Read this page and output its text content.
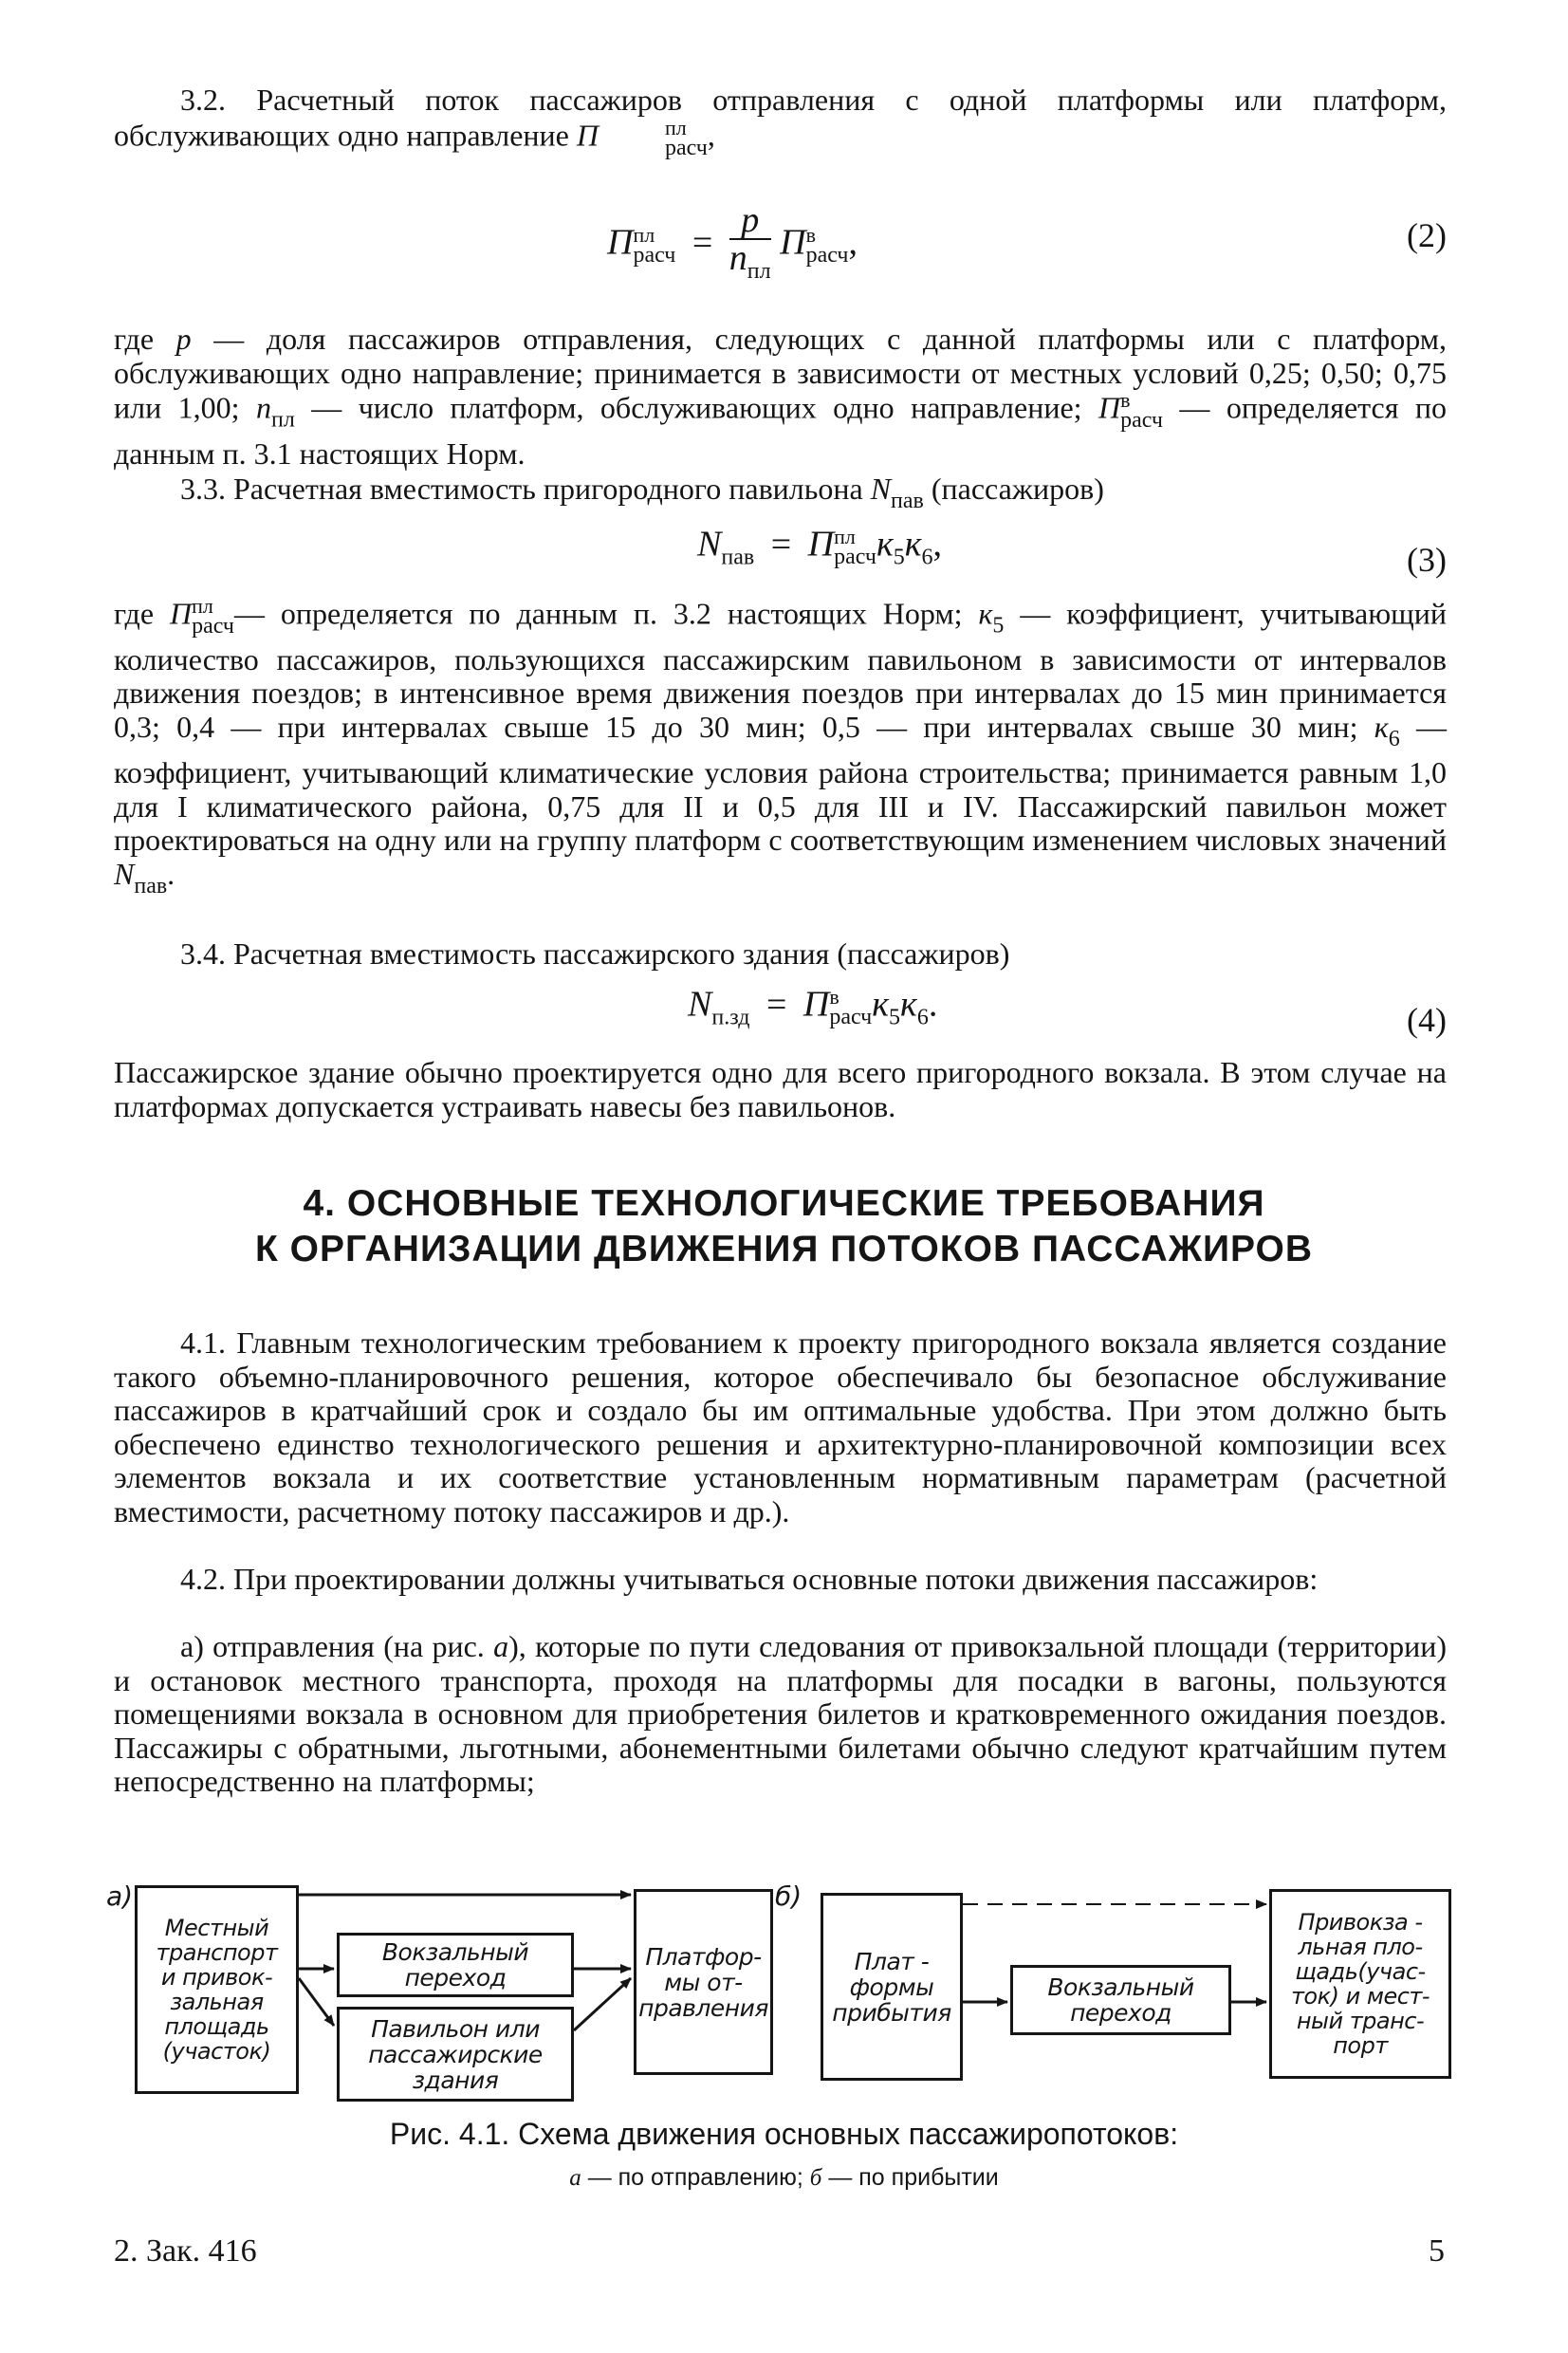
3.2. Расчетный поток пассажиров отправления с одной платформы или платформ, обслуживающих одно направление П	пл
расч ,

П пл
расч = $\frac{p}{n_{пл}}$ П в
расч ,	(2)

где p — доля пассажиров отправления, следующих с данной платформы или с платформ, обслуживающих одно направление; принимается в зависимости от местных условий 0,25; 0,50; 0,75 или 1,00; $n_{пл}$ — число платформ, обслуживающих одно направление; П в
расч — определяется по данным п. 3.1 настоящих Норм.

3.3. Расчетная вместимость пригородного павильона $N_{пав}$ (пассажиров)

$N_{пав} = П$ пл
расч $к_5к_6$,	(3)

где П пл
расч — определяется по данным п. 3.2 настоящих Норм; $к_5$ — коэффициент, учитывающий количество пассажиров, пользующихся пассажирским павильоном в зависимости от интервалов движения поездов; в интенсивное время движения поездов при интервалах до 15 мин принимается 0,3; 0,4 — при интервалах свыше 15 до 30 мин; 0,5 — при интервалах свыше 30 мин; $к_6$ — коэффициент, учитывающий климатические условия района строительства; принимается равным 1,0 для I климатического района, 0,75 для II и 0,5 для III и IV. Пассажирский павильон может проектироваться на одну или на группу платформ с соответствующим изменением числовых значений $N_{пав}$.

3.4. Расчетная вместимость пассажирского здания (пассажиров)

$N_{п.зд} = П$ в
расч $к_5к_6$.	(4)

Пассажирское здание обычно проектируется одно для всего пригородного вокзала. В этом случае на платформах допускается устраивать навесы без павильонов.

4. ОСНОВНЫЕ ТЕХНОЛОГИЧЕСКИЕ ТРЕБОВАНИЯ
К ОРГАНИЗАЦИИ ДВИЖЕНИЯ ПОТОКОВ ПАССАЖИРОВ

4.1. Главным технологическим требованием к проекту пригородного вокзала является создание такого объемно-планировочного решения, которое обеспечивало бы безопасное обслуживание пассажиров в кратчайший срок и создало бы им оптимальные удобства. При этом должно быть обеспечено единство технологического решения и архитектурно-планировочной композиции всех элементов вокзала и их соответствие установленным нормативным параметрам (расчетной вместимости, расчетному потоку пассажиров и др.).

4.2. При проектировании должны учитываться основные потоки движения пассажиров:

а) отправления (на рис. а), которые по пути следования от привокзальной площади (территории) и остановок местного транспорта, проходя на платформы для посадки в вагоны, пользуются помещениями вокзала в основном для приобретения билетов и кратковременного ожидания поездов. Пассажиры с обратными, льготными, абонементными билетами обычно следуют кратчайшим путем непосредственно на платформы;

а)
Местный
транспорт
и привок-
зальная
площадь
(участок)
Вокзальный
переход
Павильон или
пассажирские
здания
Платфор-
мы от-
правления
б)
Плат -
формы
прибытия
Вокзальный
переход
Привокза -
льная пло-
щадь(учас-
ток) и мест-
ный транс-
порт

Рис. 4.1. Схема движения основных пассажиропотоков:

а — по отправлению; б — по прибытии

2. Зак. 416	5
